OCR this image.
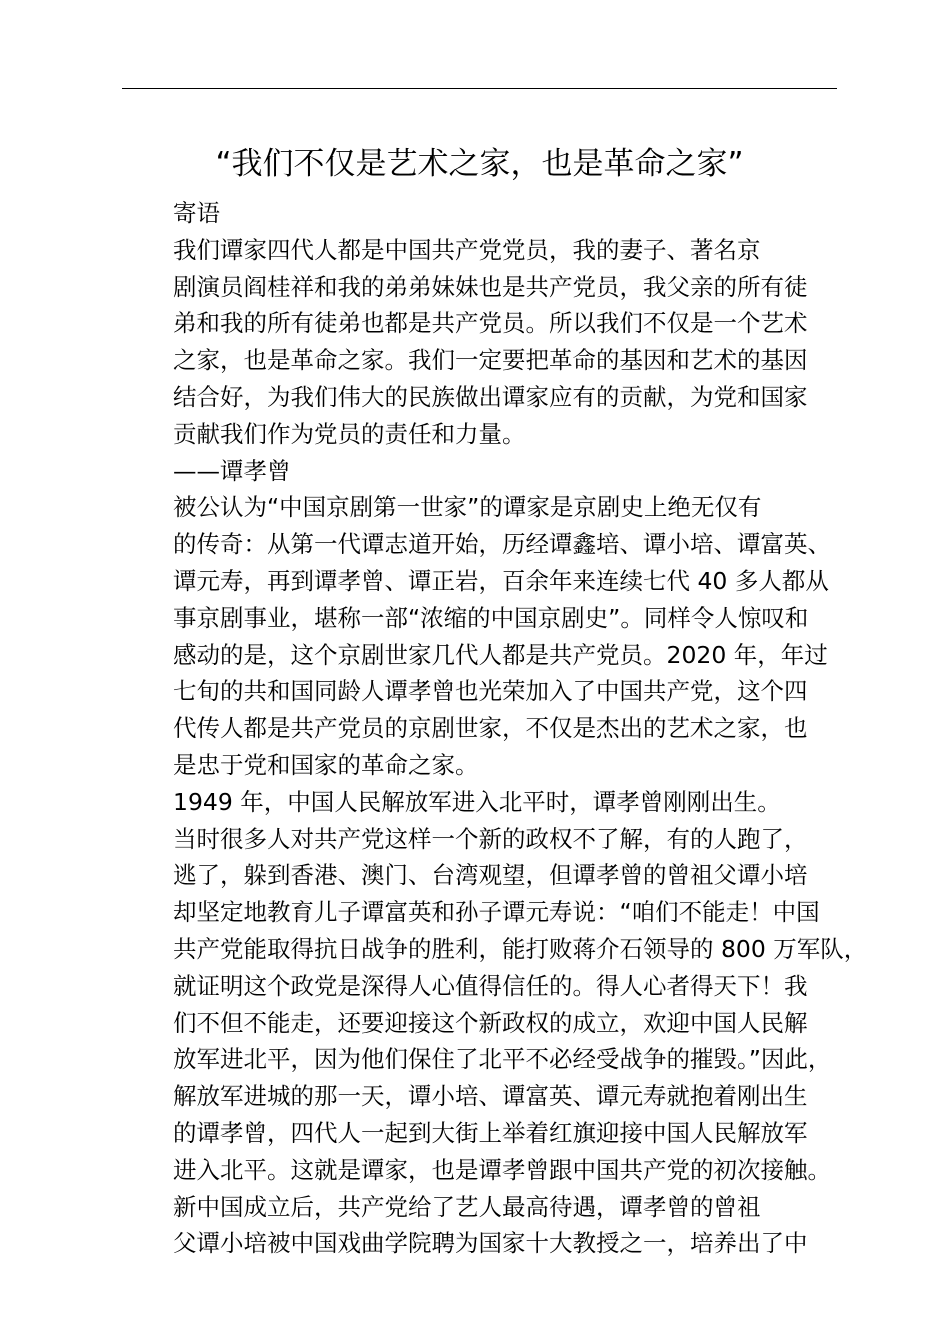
“我们不仅是艺术之家，也是革命之家”
寄语
我们谭家四代人都是中国共产党党员，我的妻子、著名京
剧演员阎桂祥和我的弟弟妹妹也是共产党员，我父亲的所有徒
弟和我的所有徒弟也都是共产党员。所以我们不仅是一个艺术
之家，也是革命之家。我们一定要把革命的基因和艺术的基因
结合好，为我们伟大的民族做出谭家应有的贡献，为党和国家
贡献我们作为党员的责任和力量。
——谭孝曾
被公认为“中国京剧第一世家”的谭家是京剧史上绝无仅有
的传奇：从第一代谭志道开始，历经谭鑫培、谭小培、谭富英、
谭元寿，再到谭孝曾、谭正岩，百余年来连续七代 40 多人都从
事京剧事业，堪称一部“浓缩的中国京剧史”。同样令人惊叹和
感动的是，这个京剧世家几代人都是共产党员。2020 年，年过
七旬的共和国同龄人谭孝曾也光荣加入了中国共产党，这个四
代传人都是共产党员的京剧世家，不仅是杰出的艺术之家，也
是忠于党和国家的革命之家。
1949 年，中国人民解放军进入北平时，谭孝曾刚刚出生。
当时很多人对共产党这样一个新的政权不了解，有的人跑了，
逃了，躲到香港、澳门、台湾观望，但谭孝曾的曾祖父谭小培
却坚定地教育儿子谭富英和孙子谭元寿说：“咱们不能走！中国
共产党能取得抗日战争的胜利，能打败蒋介石领导的 800 万军队，
就证明这个政党是深得人心值得信任的。得人心者得天下！我
们不但不能走，还要迎接这个新政权的成立，欢迎中国人民解
放军进北平，因为他们保住了北平不必经受战争的摧毁。”因此，
解放军进城的那一天，谭小培、谭富英、谭元寿就抱着刚出生
的谭孝曾，四代人一起到大街上举着红旗迎接中国人民解放军
进入北平。这就是谭家，也是谭孝曾跟中国共产党的初次接触。
新中国成立后，共产党给了艺人最高待遇，谭孝曾的曾祖
父谭小培被中国戏曲学院聘为国家十大教授之一，培养出了中
